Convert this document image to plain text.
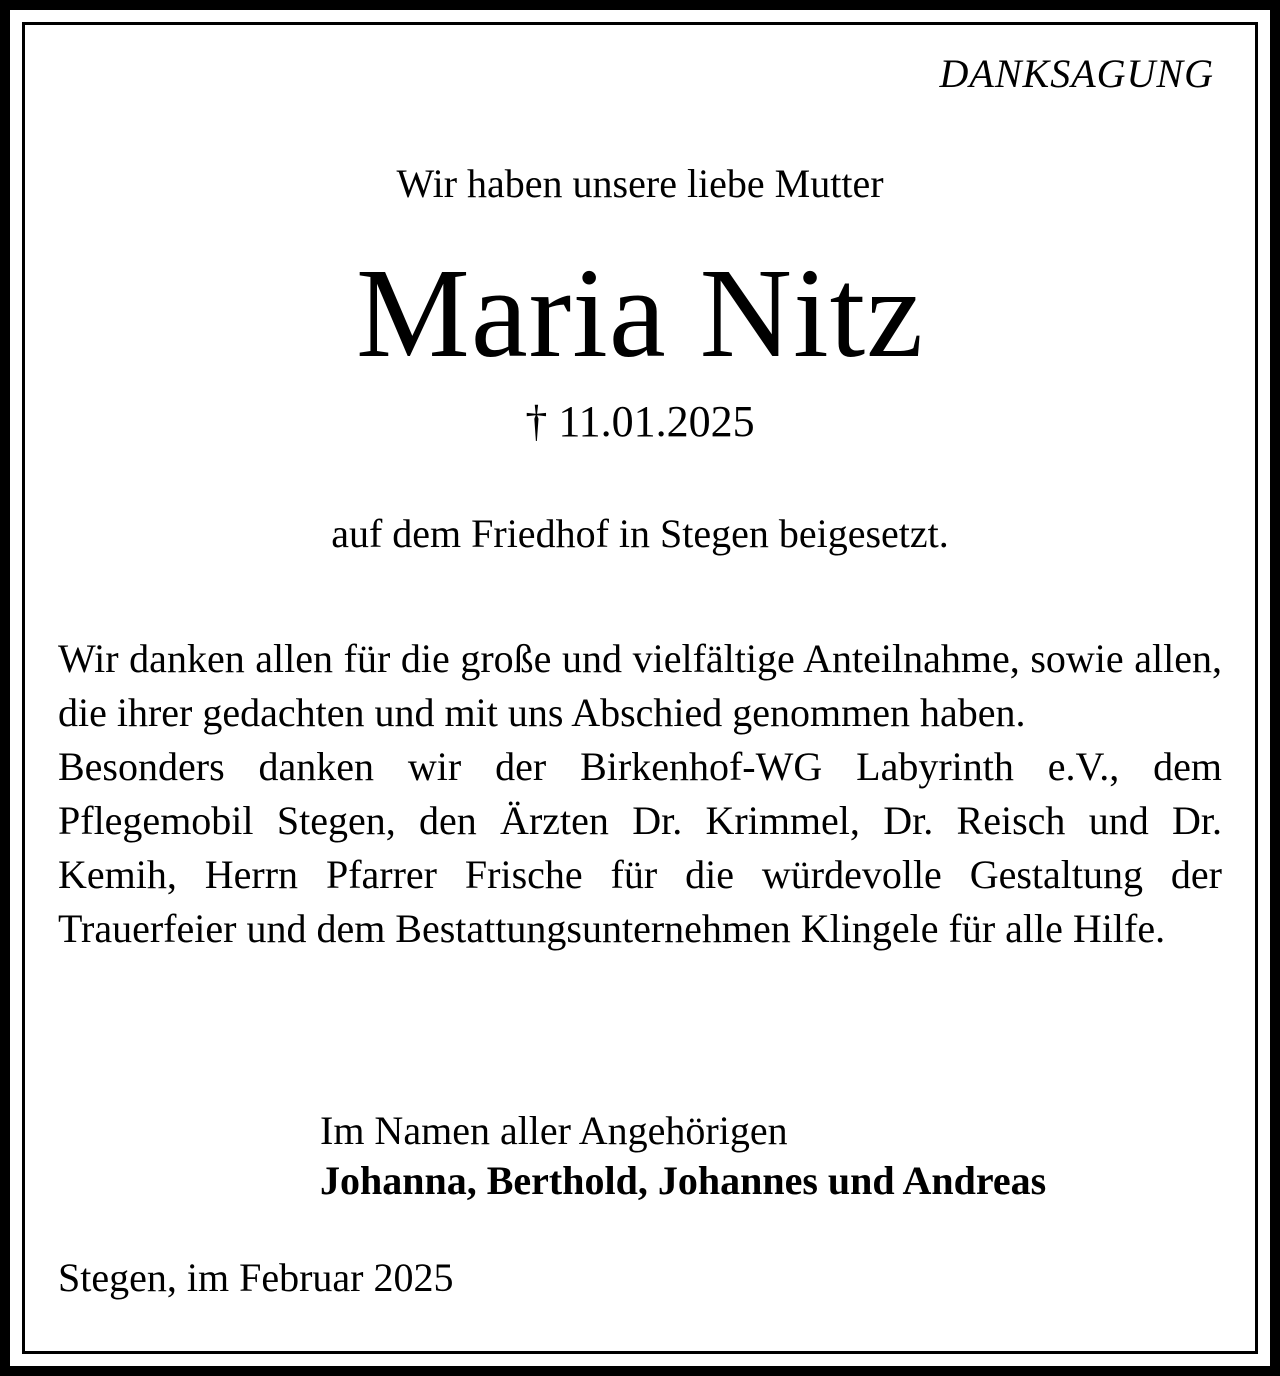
DANKSAGUNG
Wir haben unsere liebe Mutter
Maria Nitz
† 11.01.2025
auf dem Friedhof in Stegen beigesetzt.

Wir danken allen für die große und vielfältige Anteilnahme, sowie allen, die ihrer gedachten und mit uns Abschied genommen haben.

Besonders danken wir der Birkenhof-WG Labyrinth e.V., dem Pflegemobil Stegen, den Ärzten Dr. Krimmel, Dr. Reisch und Dr. Kemih, Herrn Pfarrer Frische für die würdevolle Gestaltung der Trauerfeier und dem Bestattungsunternehmen Klingele für alle Hilfe.

Im Namen aller Angehörigen
Johanna, Berthold, Johannes und Andreas
Stegen, im Februar 2025
